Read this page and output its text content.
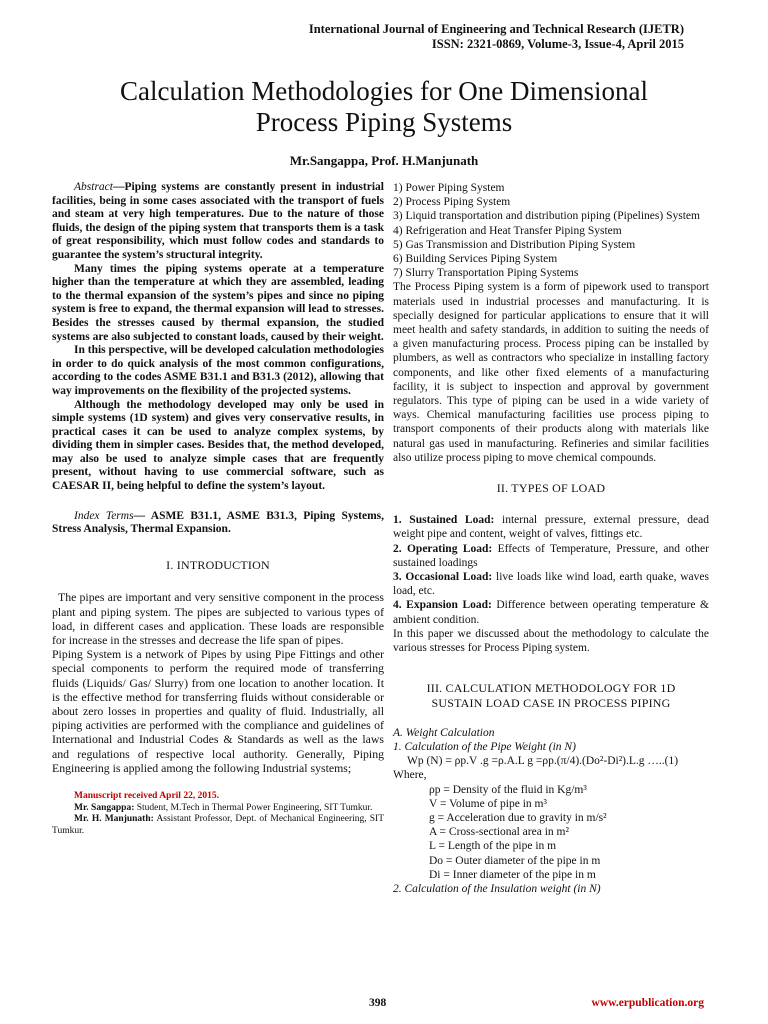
International Journal of Engineering and Technical Research (IJETR)
ISSN: 2321-0869, Volume-3, Issue-4, April 2015
Calculation Methodologies for One Dimensional
Process Piping Systems
Mr.Sangappa, Prof. H.Manjunath

Abstract—Piping systems are constantly present in industrial facilities, being in some cases associated with the transport of fuels and steam at very high temperatures. Due to the nature of those fluids, the design of the piping system that transports them is a task of great responsibility, which must follow codes and standards to guarantee the system’s structural integrity.

Many times the piping systems operate at a temperature higher than the temperature at which they are assembled, leading to the thermal expansion of the system’s pipes and since no piping system is free to expand, the thermal expansion will lead to stresses. Besides the stresses caused by thermal expansion, the studied systems are also subjected to constant loads, caused by their weight.

In this perspective, will be developed calculation methodologies in order to do quick analysis of the most common configurations, according to the codes ASME B31.1 and B31.3 (2012), allowing that way improvements on the flexibility of the projected systems.

Although the methodology developed may only be used in simple systems (1D system) and gives very conservative results, in practical cases it can be used to analyze complex systems, by dividing them in simpler cases. Besides that, the method developed, may also be used to analyze simple cases that are frequently present, without having to use commercial software, such as CAESAR II, being helpful to define the system’s layout.

Index Terms— ASME B31.1, ASME B31.3, Piping Systems, Stress Analysis, Thermal Expansion.

I. INTRODUCTION

The pipes are important and very sensitive component in the process plant and piping system. The pipes are subjected to various types of load, in different cases and application. These loads are responsible for increase in the stresses and decrease the life span of pipes.

Piping System is a network of Pipes by using Pipe Fittings and other special components to perform the required mode of transferring fluids (Liquids/ Gas/ Slurry) from one location to another location. It is the effective method for transferring fluids without considerable or about zero losses in properties and quality of fluid. Industrially, all piping activities are performed with the compliance and guidelines of International and Industrial Codes & Standards as well as the laws and regulations of respective local authority. Generally, Piping Engineering is applied among the following Industrial systems;

Manuscript received April 22, 2015.

Mr. Sangappa: Student, M.Tech in Thermal Power Engineering, SIT Tumkur.

Mr. H. Manjunath: Assistant Professor, Dept. of Mechanical Engineering, SIT Tumkur.

1) Power Piping System
2) Process Piping System
3) Liquid transportation and distribution piping (Pipelines) System
4) Refrigeration and Heat Transfer Piping System
5) Gas Transmission and Distribution Piping System
6) Building Services Piping System
7) Slurry Transportation Piping Systems

The Process Piping system is a form of pipework used to transport materials used in industrial processes and manufacturing. It is specially designed for particular applications to ensure that it will meet health and safety standards, in addition to suiting the needs of a given manufacturing process. Process piping can be installed by plumbers, as well as contractors who specialize in installing factory components, and like other fixed elements of a manufacturing facility, it is subject to inspection and approval by government regulators. This type of piping can be used in a wide variety of ways. Chemical manufacturing facilities use process piping to transport components of their products along with materials like natural gas used in manufacturing. Refineries and similar facilities also utilize process piping to move chemical compounds.

II. TYPES OF LOAD

1. Sustained Load: internal pressure, external pressure, dead weight pipe and content, weight of valves, fittings etc.

2. Operating Load: Effects of Temperature, Pressure, and other sustained loadings

3. Occasional Load: live loads like wind load, earth quake, waves load, etc.

4. Expansion Load: Difference between operating temperature & ambient condition.

In this paper we discussed about the methodology to calculate the various stresses for Process Piping system.

III. CALCULATION METHODOLOGY FOR 1D
SUSTAIN LOAD CASE IN PROCESS PIPING
A. Weight Calculation
1. Calculation of the Pipe Weight (in N)
Wp (N) = ρp.V .g =ρ.A.L g =ρp.(π/4).(Do²-Di²).L.g …..(1)
Where,
ρp = Density of the fluid in Kg/m³
V = Volume of pipe in m³
g = Acceleration due to gravity in m/s²
A = Cross-sectional area in m²
L = Length of the pipe in m
Do = Outer diameter of the pipe in m
Di = Inner diameter of the pipe in m
2. Calculation of the Insulation weight (in N)
398	www.erpublication.org
